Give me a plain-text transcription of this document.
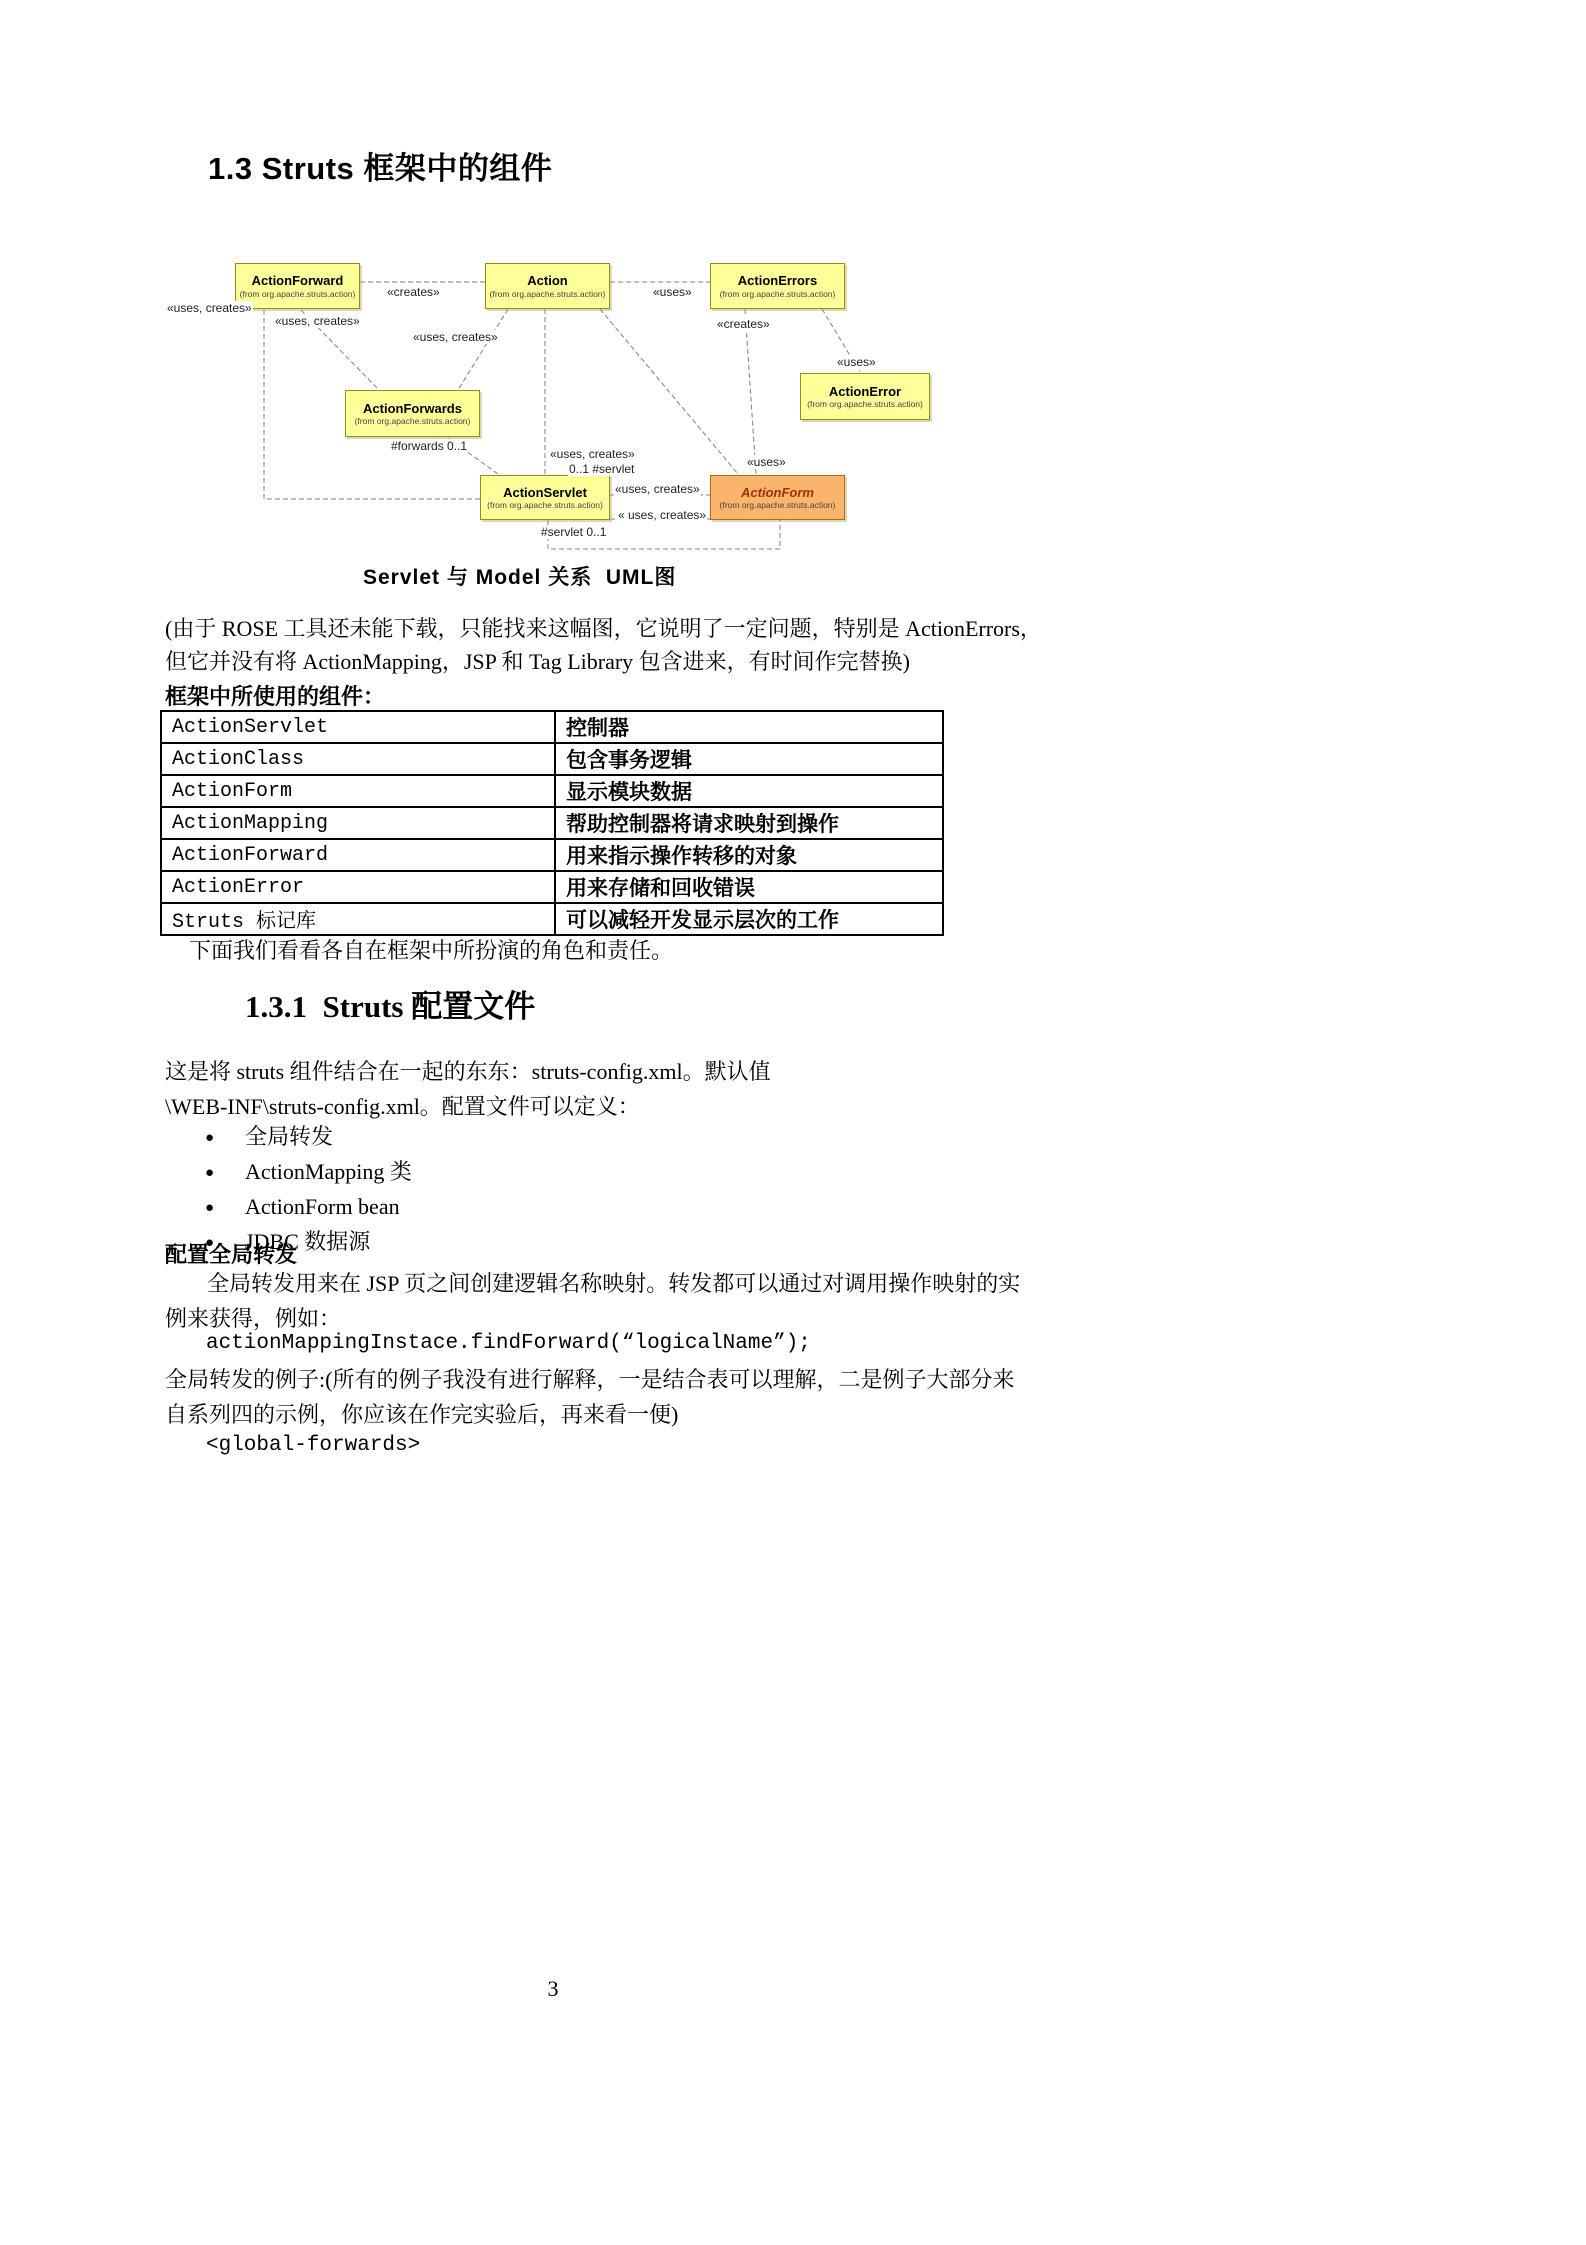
1.3 Struts 框架中的组件
ActionForward
(from org.apache.struts.action)
Action
(from org.apache.struts.action)
ActionErrors
(from org.apache.struts.action)
ActionForwards
(from org.apache.struts.action)
ActionError
(from org.apache.struts.action)
ActionServlet
(from org.apache.struts.action)
ActionForm
(from org.apache.struts.action)
«creates»	«uses»
«uses, creates»
«uses, creates»
«uses, creates»
«creates»
«uses»
#forwards 0..1
«uses, creates»
0..1 #servlet	«uses»
«uses, creates»
« uses, creates»
#servlet 0..1
Servlet 与 Model 关系  UML图
(由于 ROSE 工具还未能下载，只能找来这幅图，它说明了一定问题，特别是 ActionErrors，
但它并没有将 ActionMapping，JSP 和 Tag Library 包含进来，有时间作完替换)
框架中所使用的组件：
ActionServlet	控制器
ActionClass	包含事务逻辑
ActionForm	显示模块数据
ActionMapping	帮助控制器将请求映射到操作
ActionForward	用来指示操作转移的对象
ActionError	用来存储和回收错误
Struts 标记库	可以减轻开发显示层次的工作
下面我们看看各自在框架中所扮演的角色和责任。
1.3.1  Struts 配置文件
这是将 struts 组件结合在一起的东东：struts-config.xml。默认值
\WEB-INF\struts-config.xml。配置文件可以定义：
● 全局转发
● ActionMapping 类
● ActionForm bean
● JDBC 数据源
配置全局转发
全局转发用来在 JSP 页之间创建逻辑名称映射。转发都可以通过对调用操作映射的实
例来获得，例如：
actionMappingInstace.findForward(“logicalName”);
全局转发的例子:(所有的例子我没有进行解释，一是结合表可以理解，二是例子大部分来
自系列四的示例，你应该在作完实验后，再来看一便)
<global-forwards>
3
